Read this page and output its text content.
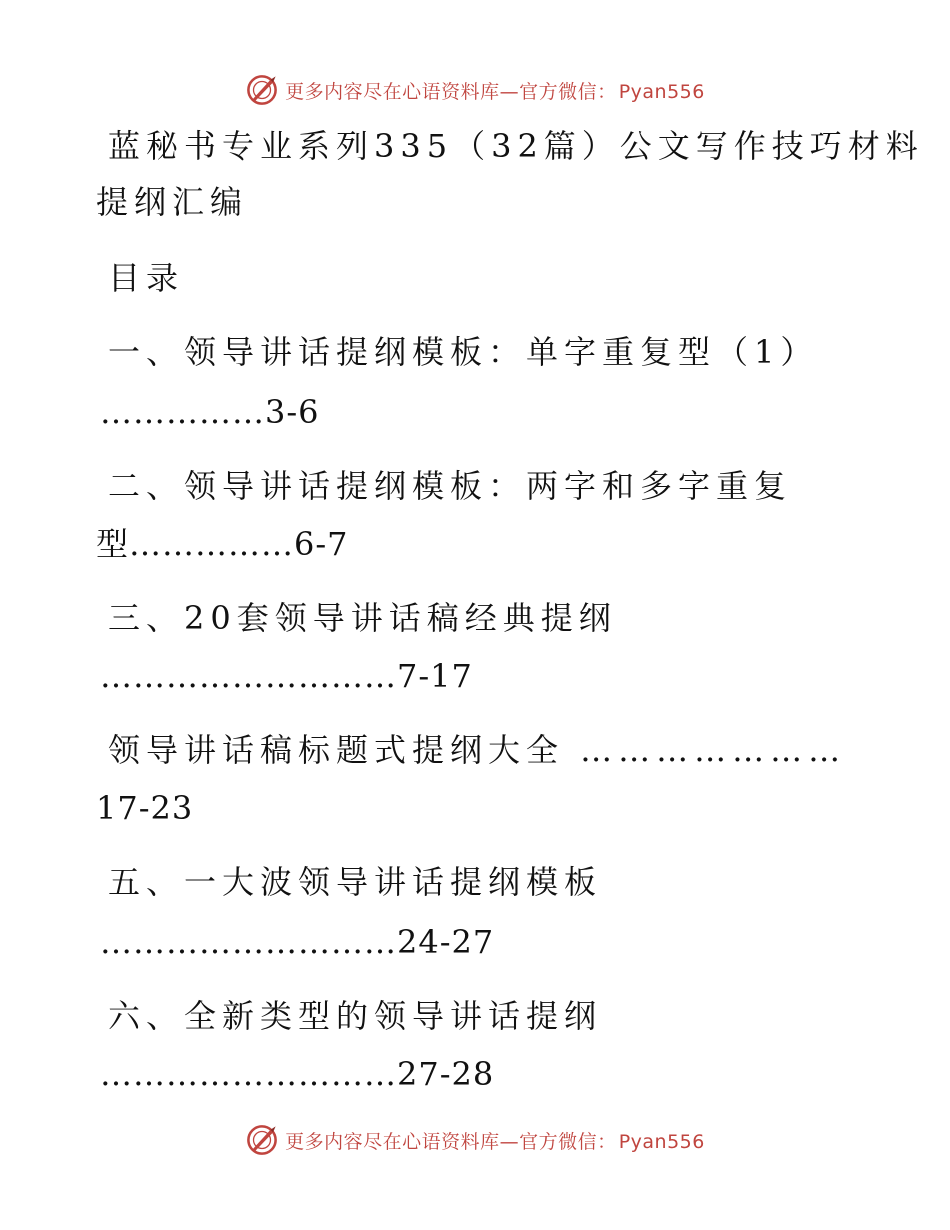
更多内容尽在心语资料库—官方微信： Pyan556
蓝秘书专业系列335（32篇）公文写作技巧材料
提纲汇编
目录
一、领导讲话提纲模板：单字重复型（1）
……………3-6
二、领导讲话提纲模板：两字和多字重复
型……………6-7
三、20套领导讲话稿经典提纲
………………………7-17
领导讲话稿标题式提纲大全 …………………
17-23
五、一大波领导讲话提纲模板
………………………24-27
六、全新类型的领导讲话提纲
………………………27-28
更多内容尽在心语资料库—官方微信： Pyan556
